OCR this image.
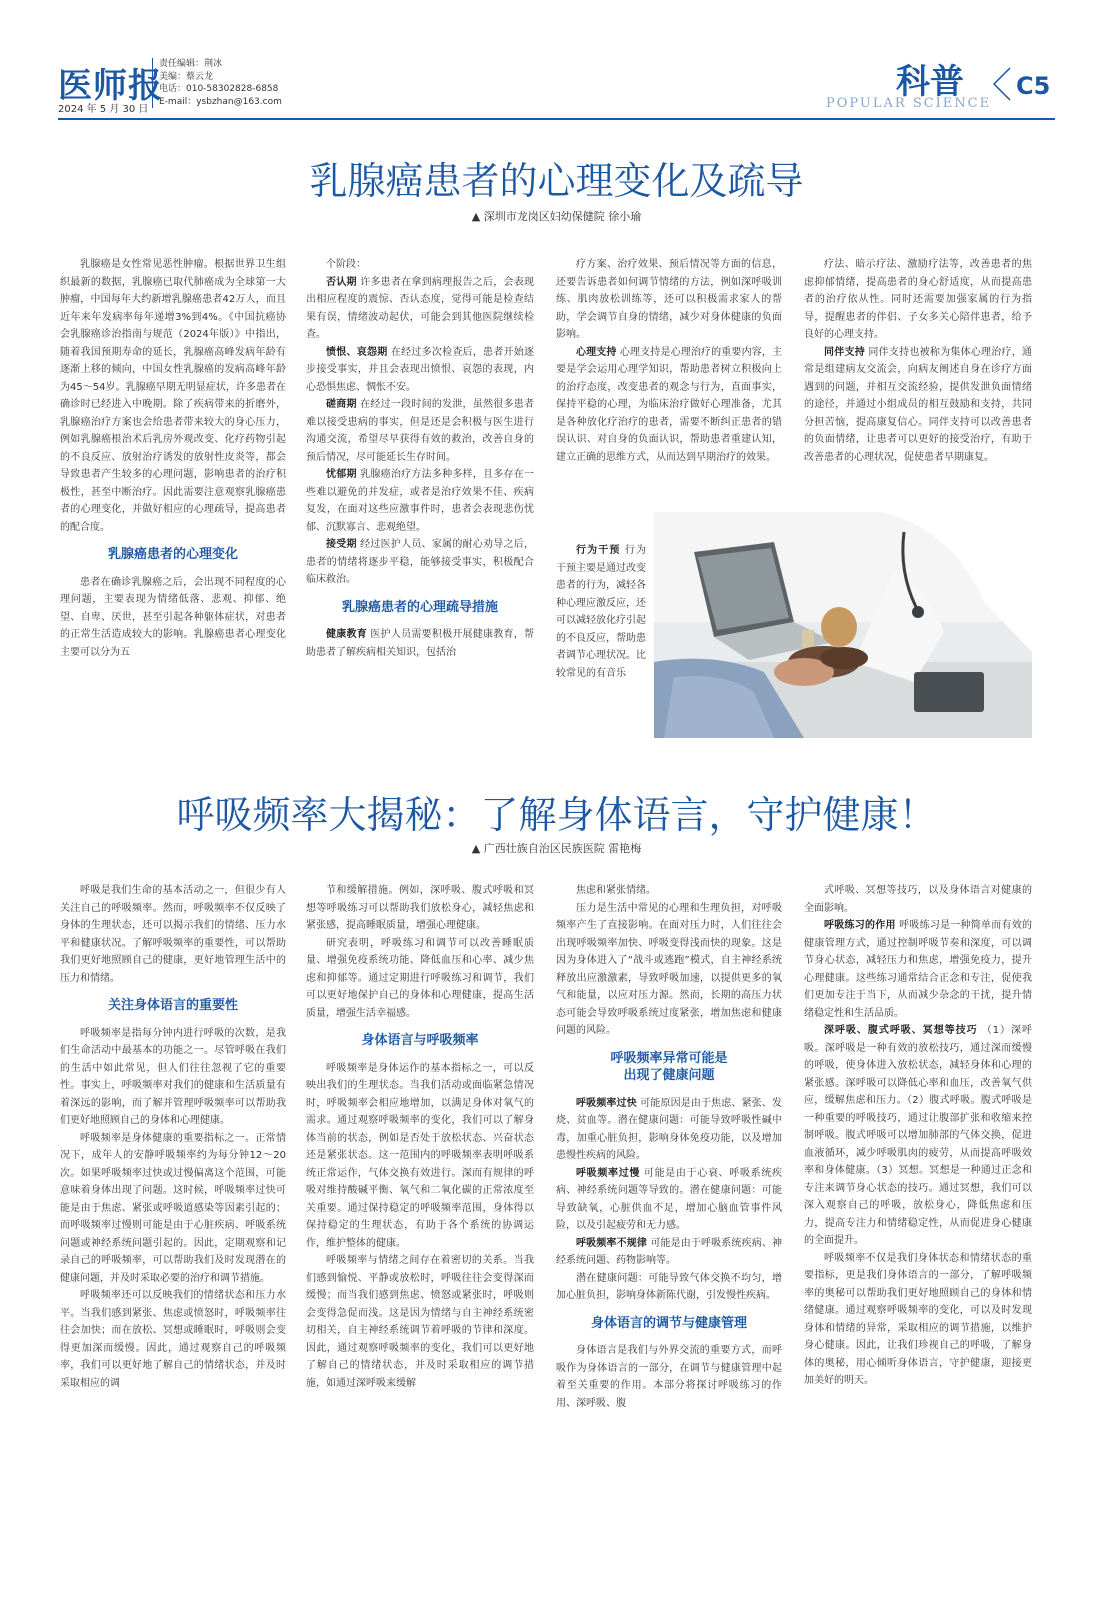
医师报
2024 年 5 月 30 日
责任编辑：荆冰
美编：蔡云龙
电话：010-58302828-6858
E-mail：ysbzhan@163.com	科普
POPULAR SCIENCE
C5
乳腺癌患者的心理变化及疏导
▲ 深圳市龙岗区妇幼保健院 徐小瑜

乳腺癌是女性常见恶性肿瘤。根据世界卫生组织最新的数据，乳腺癌已取代肺癌成为全球第一大肿瘤，中国每年大约新增乳腺癌患者42万人，而且近年来年发病率每年递增3%到4%。《中国抗癌协会乳腺癌诊治指南与规范（2024年版）》中指出，随着我国预期寿命的延长，乳腺癌高峰发病年龄有逐渐上移的倾向，中国女性乳腺癌的发病高峰年龄为45～54岁。乳腺癌早期无明显症状，许多患者在确诊时已经进入中晚期。除了疾病带来的折磨外，乳腺癌治疗方案也会给患者带来较大的身心压力，例如乳腺癌根治术后乳房外观改变、化疗药物引起的不良反应、放射治疗诱发的放射性皮炎等，都会导致患者产生较多的心理问题，影响患者的治疗积极性，甚至中断治疗。因此需要注意观察乳腺癌患者的心理变化，并做好相应的心理疏导，提高患者的配合度。

乳腺癌患者的心理变化

患者在确诊乳腺癌之后，会出现不同程度的心理问题，主要表现为情绪低落、悲观、抑郁、绝望、自卑、厌世，甚至引起各种躯体症状，对患者的正常生活造成较大的影响。乳腺癌患者心理变化主要可以分为五

个阶段：

否认期 许多患者在拿到病理报告之后，会表现出相应程度的震惊、否认态度，觉得可能是检查结果有误，情绪波动起伏，可能会到其他医院继续检查。

愤恨、哀怨期 在经过多次检查后，患者开始逐步接受事实，并且会表现出愤恨、哀怨的表现，内心恐惧焦虑、惆怅不安。

磋商期 在经过一段时间的发泄，虽然很多患者难以接受患病的事实，但是还是会积极与医生进行沟通交流，希望尽早获得有效的救治，改善自身的预后情况，尽可能延长生存时间。

忧郁期 乳腺癌治疗方法多种多样，且多存在一些难以避免的并发症，或者是治疗效果不佳、疾病复发，在面对这些应激事件时，患者会表现悲伤忧郁、沉默寡言、悲观绝望。

接受期 经过医护人员、家属的耐心劝导之后，患者的情绪将逐步平稳，能够接受事实，积极配合临床救治。

乳腺癌患者的心理疏导措施

健康教育 医护人员需要积极开展健康教育，帮助患者了解疾病相关知识，包括治

疗方案、治疗效果、预后情况等方面的信息，还要告诉患者如何调节情绪的方法，例如深呼吸训练、肌肉放松训练等，还可以积极需求家人的帮助，学会调节自身的情绪，减少对身体健康的负面影响。

心理支持 心理支持是心理治疗的重要内容，主要是学会运用心理学知识，帮助患者树立积极向上的治疗态度，改变患者的观念与行为，直面事实，保持平稳的心理，为临床治疗做好心理准备，尤其是各种放化疗治疗的患者，需要不断纠正患者的错误认识、对自身的负面认识，帮助患者重建认知，建立正确的思维方式，从而达到早期治疗的效果。

行为干预 行为干预主要是通过改变患者的行为，减轻各种心理应激反应，还可以减轻放化疗引起的不良反应，帮助患者调节心理状况。比较常见的有音乐

疗法、暗示疗法、激励疗法等，改善患者的焦虑抑郁情绪，提高患者的身心舒适度，从而提高患者的治疗依从性。同时还需要加强家属的行为指导，提醒患者的伴侣、子女多关心陪伴患者，给予良好的心理支持。

同伴支持 同伴支持也被称为集体心理治疗，通常是组建病友交流会，向病友阐述自身在诊疗方面遇到的问题，并相互交流经验，提供发泄负面情绪的途径，并通过小组成员的相互鼓励和支持，共同分担苦恼，提高康复信心。同伴支持可以改善患者的负面情绪，让患者可以更好的接受治疗，有助于改善患者的心理状况，促使患者早期康复。

呼吸频率大揭秘：了解身体语言，守护健康！
▲ 广西壮族自治区民族医院 雷艳梅

呼吸是我们生命的基本活动之一，但很少有人关注自己的呼吸频率。然而，呼吸频率不仅反映了身体的生理状态，还可以揭示我们的情绪、压力水平和健康状况。了解呼吸频率的重要性，可以帮助我们更好地照顾自己的健康，更好地管理生活中的压力和情绪。

关注身体语言的重要性

呼吸频率是指每分钟内进行呼吸的次数，是我们生命活动中最基本的功能之一。尽管呼吸在我们的生活中如此常见，但人们往往忽视了它的重要性。事实上，呼吸频率对我们的健康和生活质量有着深远的影响，而了解并管理呼吸频率可以帮助我们更好地照顾自己的身体和心理健康。

呼吸频率是身体健康的重要指标之一。正常情况下，成年人的安静呼吸频率约为每分钟12～20次。如果呼吸频率过快或过慢偏离这个范围，可能意味着身体出现了问题。这时候，呼吸频率过快可能是由于焦虑、紧张或呼吸道感染等因素引起的；而呼吸频率过慢则可能是由于心脏疾病、呼吸系统问题或神经系统问题引起的。因此，定期观察和记录自己的呼吸频率，可以帮助我们及时发现潜在的健康问题，并及时采取必要的治疗和调节措施。

呼吸频率还可以反映我们的情绪状态和压力水平。当我们感到紧张、焦虑或愤怒时，呼吸频率往往会加快；而在放松、冥想或睡眠时，呼吸则会变得更加深而缓慢。因此，通过观察自己的呼吸频率，我们可以更好地了解自己的情绪状态，并及时采取相应的调

节和缓解措施。例如，深呼吸、腹式呼吸和冥想等呼吸练习可以帮助我们放松身心，减轻焦虑和紧张感，提高睡眠质量，增强心理健康。

研究表明，呼吸练习和调节可以改善睡眠质量、增强免疫系统功能、降低血压和心率、减少焦虑和抑郁等。通过定期进行呼吸练习和调节，我们可以更好地保护自己的身体和心理健康，提高生活质量，增强生活幸福感。

身体语言与呼吸频率

呼吸频率是身体运作的基本指标之一，可以反映出我们的生理状态。当我们活动或面临紧急情况时，呼吸频率会相应地增加，以满足身体对氧气的需求。通过观察呼吸频率的变化，我们可以了解身体当前的状态，例如是否处于放松状态、兴奋状态还是紧张状态。这一范围内的呼吸频率表明呼吸系统正常运作，气体交换有效进行。深而有规律的呼吸对维持酸碱平衡、氧气和二氧化碳的正常浓度至关重要。通过保持稳定的呼吸频率范围，身体得以保持稳定的生理状态，有助于各个系统的协调运作，维护整体的健康。

呼吸频率与情绪之间存在着密切的关系。当我们感到愉悦、平静或放松时，呼吸往往会变得深而缓慢；而当我们感到焦虑、愤怒或紧张时，呼吸则会变得急促而浅。这是因为情绪与自主神经系统密切相关，自主神经系统调节着呼吸的节律和深度。因此，通过观察呼吸频率的变化，我们可以更好地了解自己的情绪状态，并及时采取相应的调节措施，如通过深呼吸来缓解

焦虑和紧张情绪。

压力是生活中常见的心理和生理负担，对呼吸频率产生了直接影响。在面对压力时，人们往往会出现呼吸频率加快、呼吸变得浅而快的现象。这是因为身体进入了“战斗或逃跑”模式，自主神经系统释放出应激激素，导致呼吸加速，以提供更多的氧气和能量，以应对压力源。然而，长期的高压力状态可能会导致呼吸系统过度紧张，增加焦虑和健康问题的风险。

呼吸频率异常可能是
出现了健康问题

呼吸频率过快 可能原因是由于焦虑、紧张、发烧、贫血等。潜在健康问题：可能导致呼吸性碱中毒，加重心脏负担，影响身体免疫功能，以及增加患慢性疾病的风险。

呼吸频率过慢 可能是由于心衰、呼吸系统疾病、神经系统问题等导致的。潜在健康问题：可能导致缺氧，心脏供血不足，增加心脑血管事件风险，以及引起疲劳和无力感。

呼吸频率不规律 可能是由于呼吸系统疾病、神经系统问题、药物影响等。

潜在健康问题：可能导致气体交换不均匀，增加心脏负担，影响身体新陈代谢，引发慢性疾病。

身体语言的调节与健康管理

身体语言是我们与外界交流的重要方式，而呼吸作为身体语言的一部分，在调节与健康管理中起着至关重要的作用。本部分将探讨呼吸练习的作用、深呼吸、腹

式呼吸、冥想等技巧，以及身体语言对健康的全面影响。

呼吸练习的作用 呼吸练习是一种简单而有效的健康管理方式，通过控制呼吸节奏和深度，可以调节身心状态，减轻压力和焦虑，增强免疫力，提升心理健康。这些练习通常结合正念和专注，促使我们更加专注于当下，从而减少杂念的干扰，提升情绪稳定性和生活品质。

深呼吸、腹式呼吸、冥想等技巧 （1）深呼吸。深呼吸是一种有效的放松技巧，通过深而缓慢的呼吸，使身体进入放松状态，减轻身体和心理的紧张感。深呼吸可以降低心率和血压，改善氧气供应，缓解焦虑和压力。（2）腹式呼吸。腹式呼吸是一种重要的呼吸技巧，通过让腹部扩张和收缩来控制呼吸。腹式呼吸可以增加肺部的气体交换，促进血液循环，减少呼吸肌肉的疲劳，从而提高呼吸效率和身体健康。（3）冥想。冥想是一种通过正念和专注来调节身心状态的技巧。通过冥想，我们可以深入观察自己的呼吸，放松身心，降低焦虑和压力，提高专注力和情绪稳定性，从而促进身心健康的全面提升。

呼吸频率不仅是我们身体状态和情绪状态的重要指标，更是我们身体语言的一部分，了解呼吸频率的奥秘可以帮助我们更好地照顾自己的身体和情绪健康。通过观察呼吸频率的变化，可以及时发现身体和情绪的异常，采取相应的调节措施，以维护身心健康。因此，让我们珍视自己的呼吸，了解身体的奥秘，用心倾听身体语言，守护健康，迎接更加美好的明天。
